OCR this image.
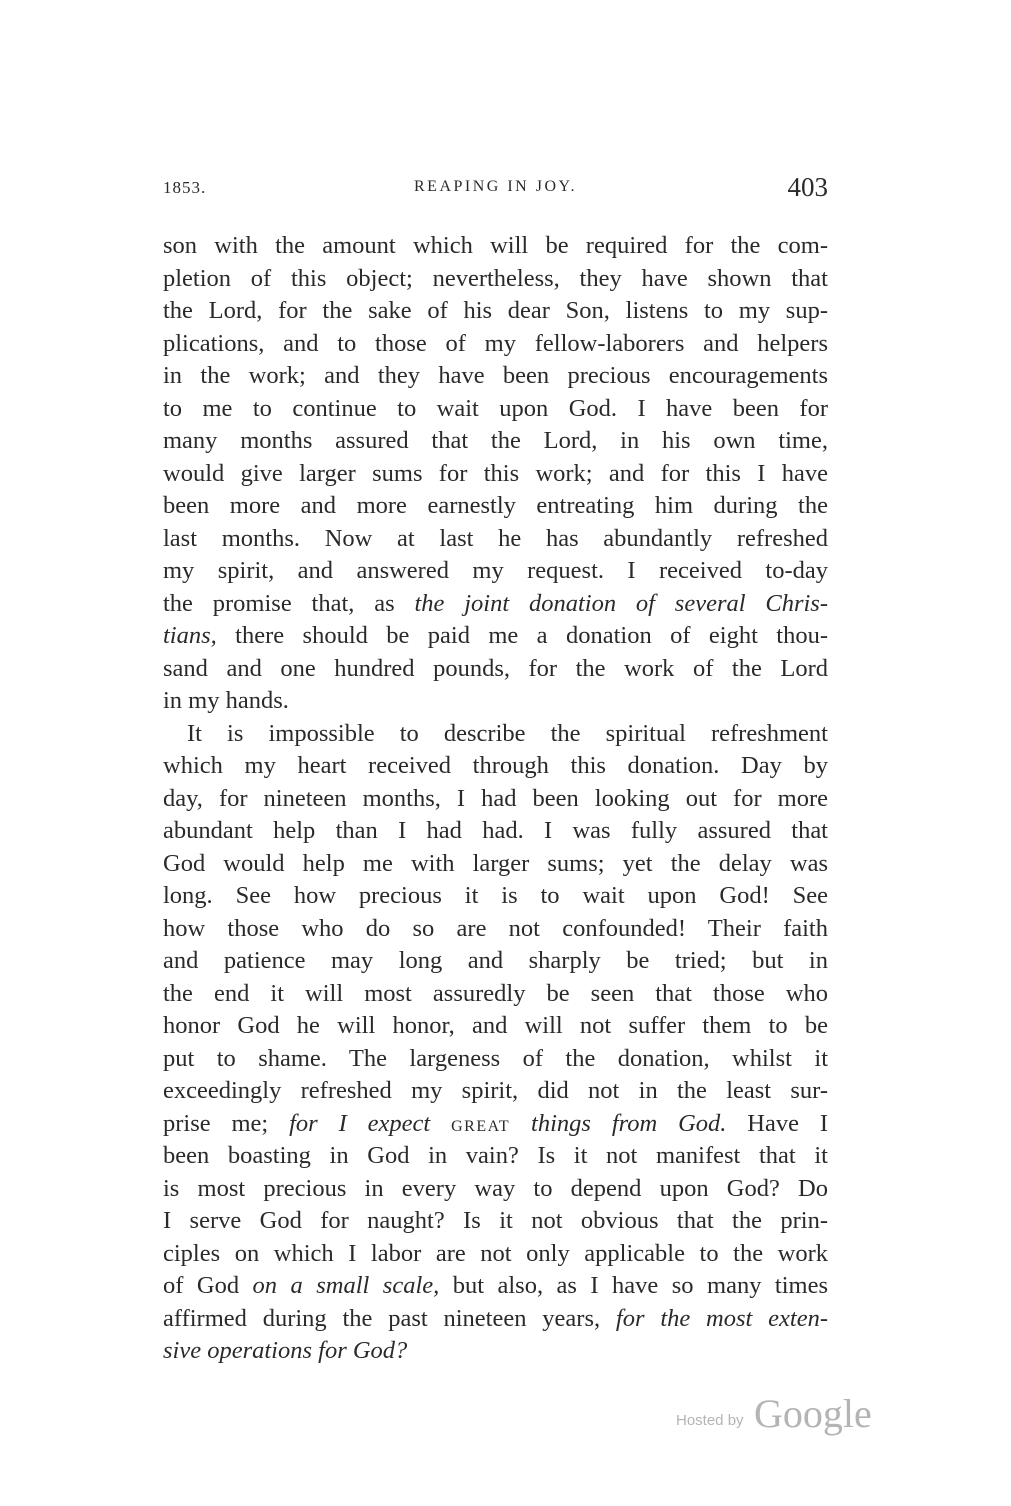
1853.	REAPING IN JOY.	403
son with the amount which will be required for the com-
pletion of this object; nevertheless, they have shown that
the Lord, for the sake of his dear Son, listens to my sup-
plications, and to those of my fellow-laborers and helpers
in the work; and they have been precious encouragements
to me to continue to wait upon God. I have been for
many months assured that the Lord, in his own time,
would give larger sums for this work; and for this I have
been more and more earnestly entreating him during the
last months. Now at last he has abundantly refreshed
my spirit, and answered my request. I received to-day
the promise that, as the joint donation of several Chris-
tians, there should be paid me a donation of eight thou-
sand and one hundred pounds, for the work of the Lord
in my hands.
It is impossible to describe the spiritual refreshment
which my heart received through this donation. Day by
day, for nineteen months, I had been looking out for more
abundant help than I had had. I was fully assured that
God would help me with larger sums; yet the delay was
long. See how precious it is to wait upon God! See
how those who do so are not confounded! Their faith
and patience may long and sharply be tried; but in
the end it will most assuredly be seen that those who
honor God he will honor, and will not suffer them to be
put to shame. The largeness of the donation, whilst it
exceedingly refreshed my spirit, did not in the least sur-
prise me; for I expect GREAT things from God. Have I
been boasting in God in vain? Is it not manifest that it
is most precious in every way to depend upon God? Do
I serve God for naught? Is it not obvious that the prin-
ciples on which I labor are not only applicable to the work
of God on a small scale, but also, as I have so many times
affirmed during the past nineteen years, for the most exten-
sive operations for God?
Hosted by Google
